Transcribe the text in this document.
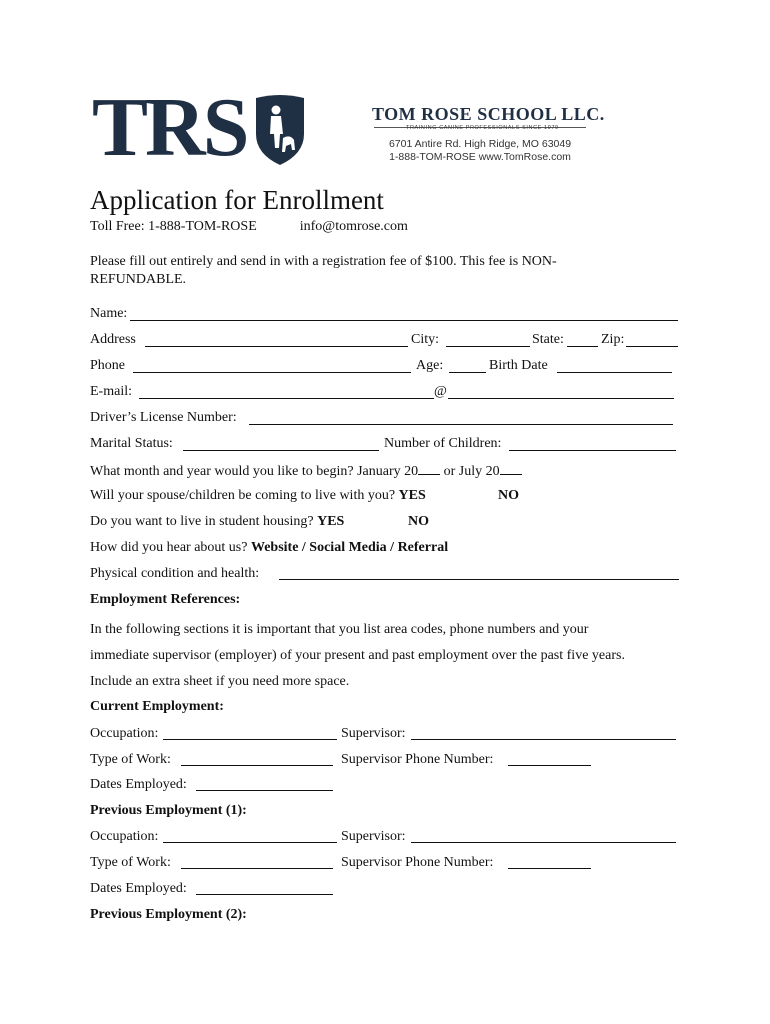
TRS	TOM ROSE SCHOOL LLC.
TRAINING CANINE PROFESSIONALS SINCE 1979
6701 Antire Rd. High Ridge, MO 63049
1-888-TOM-ROSE www.TomRose.com
Application for Enrollment
Toll Free: 1-888-TOM-ROSE	info@tomrose.com
Please fill out entirely and send in with a registration fee of $100. This fee is NON-
REFUNDABLE.
Name:
Address	City:	State:	Zip:
Phone	Age:	Birth Date
E-mail:	@
Driver’s License Number:
Marital Status:	Number of Children:
What month and year would you like to begin? January 20 or July 20
Will your spouse/children be coming to live with you? YES	NO
Do you want to live in student housing? YES	NO
How did you hear about us? Website / Social Media / Referral
Physical condition and health:
Employment References:
In the following sections it is important that you list area codes, phone numbers and your
immediate supervisor (employer) of your present and past employment over the past five years.
Include an extra sheet if you need more space.
Current Employment:
Occupation:	Supervisor:
Type of Work:	Supervisor Phone Number:
Dates Employed:
Previous Employment (1):
Occupation:	Supervisor:
Type of Work:	Supervisor Phone Number:
Dates Employed:
Previous Employment (2):
